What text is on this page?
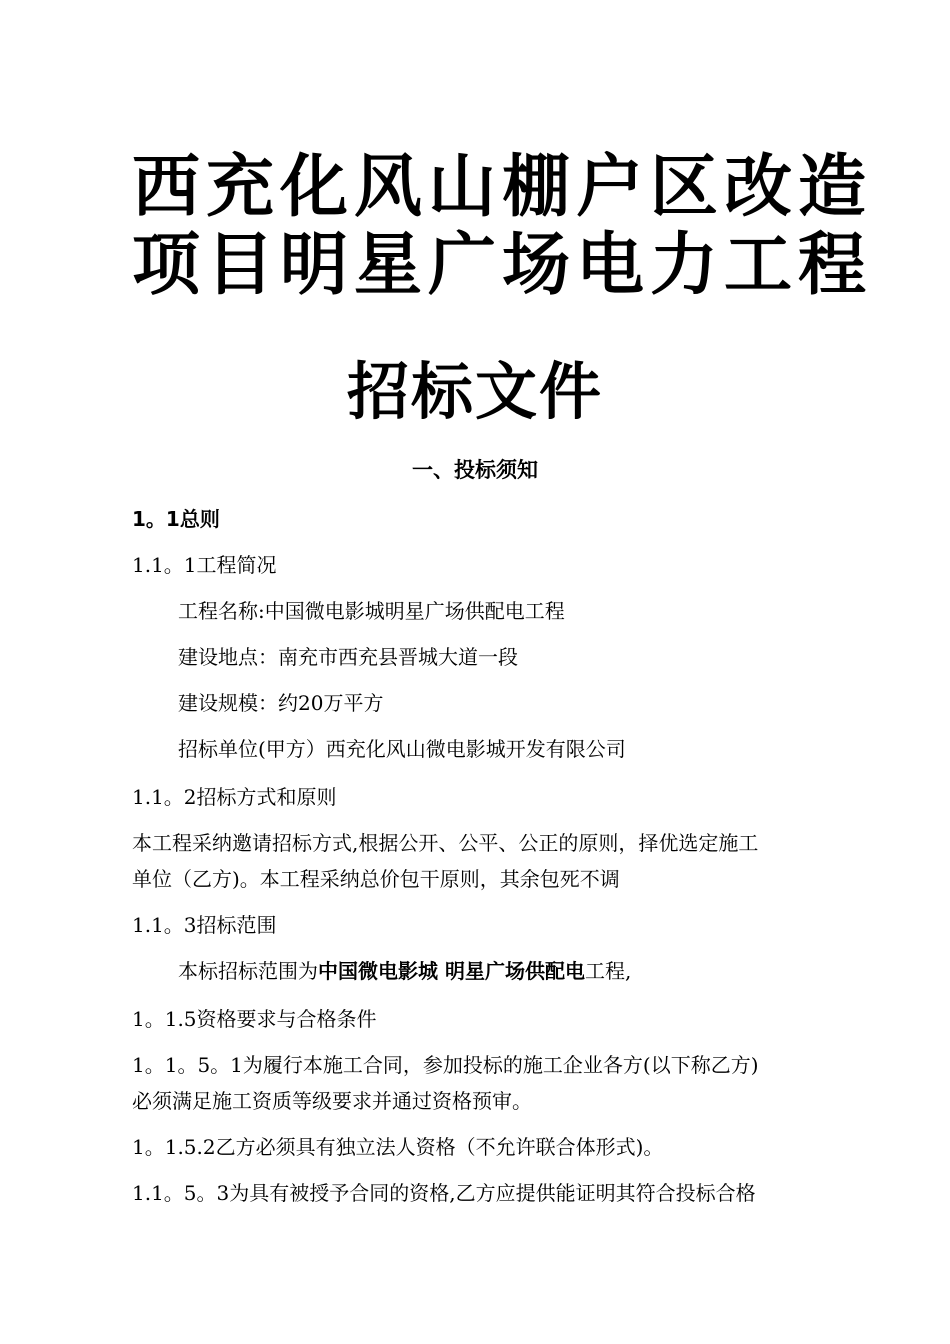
西充化风山棚户区改造
项目明星广场电力工程
招标文件
一、投标须知
1。1总则
1.1。1工程简况
工程名称:中国微电影城明星广场供配电工程
建设地点：南充市西充县晋城大道一段
建设规模：约20万平方
招标单位(甲方）西充化风山微电影城开发有限公司
1.1。2招标方式和原则
本工程采纳邀请招标方式,根据公开、公平、公正的原则，择优选定施工
单位（乙方)。本工程采纳总价包干原则，其余包死不调
1.1。3招标范围
本标招标范围为中国微电影城 明星广场供配电工程,
1。1.5资格要求与合格条件
1。1。5。1为履行本施工合同，参加投标的施工企业各方(以下称乙方)
必须满足施工资质等级要求并通过资格预审。
1。1.5.2乙方必须具有独立法人资格（不允许联合体形式)。
1.1。5。3为具有被授予合同的资格,乙方应提供能证明其符合投标合格
